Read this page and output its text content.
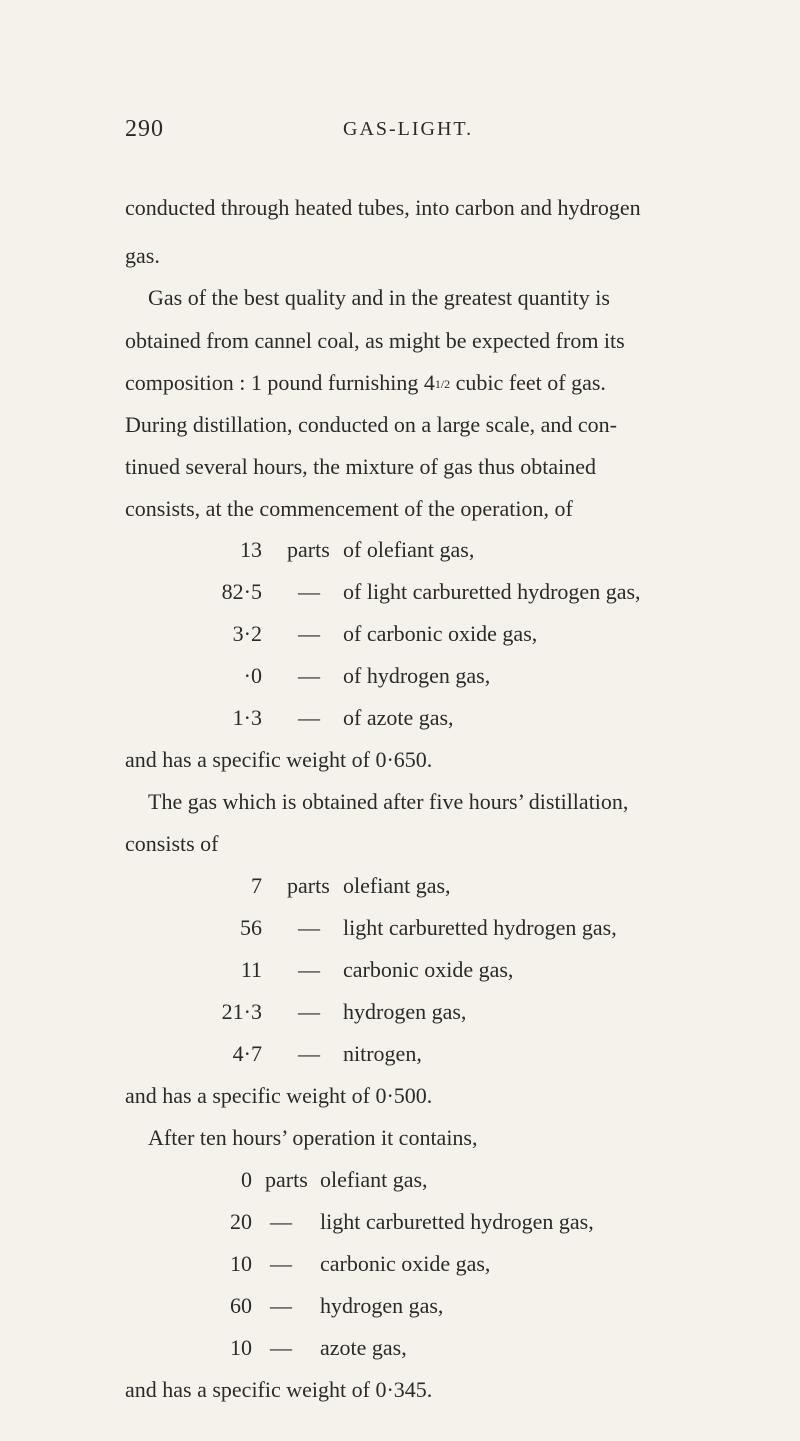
290	GAS-LIGHT.
conducted through heated tubes, into carbon and hydrogen
gas.
Gas of the best quality and in the greatest quantity is
obtained from cannel coal, as might be expected from its
composition : 1 pound furnishing 41/2 cubic feet of gas.
During distillation, conducted on a large scale, and con-
tinued several hours, the mixture of gas thus obtained
consists, at the commencement of the operation, of
13 parts of olefiant gas,
82·5 — of light carburetted hydrogen gas,
3·2 — of carbonic oxide gas,
·0 — of hydrogen gas,
1·3 — of azote gas,
and has a specific weight of 0·650.
The gas which is obtained after five hours’ distillation,
consists of
7 parts olefiant gas,
56 — light carburetted hydrogen gas,
11 — carbonic oxide gas,
21·3 — hydrogen gas,
4·7 — nitrogen,
and has a specific weight of 0·500.
After ten hours’ operation it contains,
0 parts olefiant gas,
20 — light carburetted hydrogen gas,
10 — carbonic oxide gas,
60 — hydrogen gas,
10 — azote gas,
and has a specific weight of 0·345.
